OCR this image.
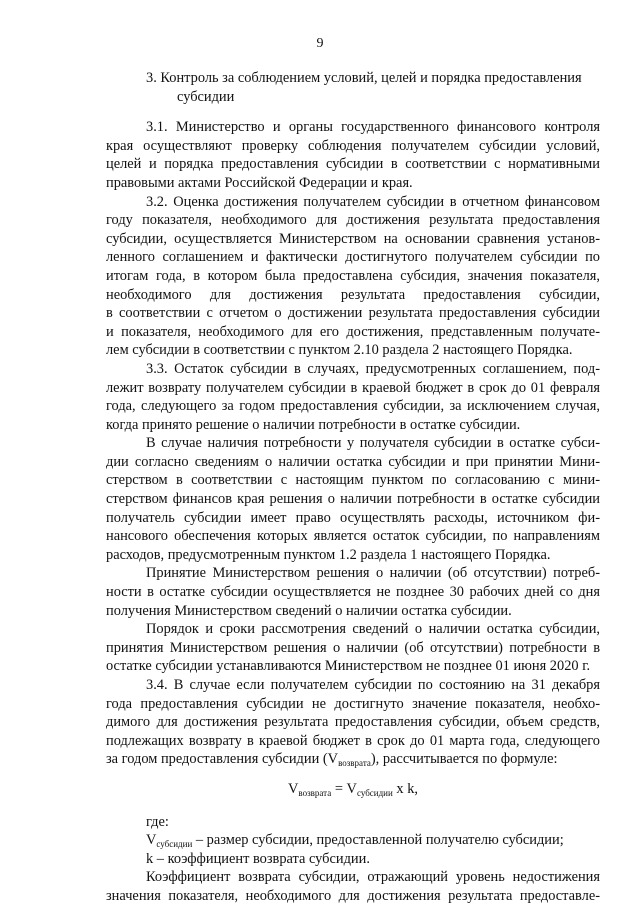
9
3. Контроль за соблюдением условий, целей и порядка предоставления
субсидии
3.1. Министерство и органы государственного финансового контроля
края осуществляют проверку соблюдения получателем субсидии условий,
целей и порядка предоставления субсидии в соответствии с нормативными
правовыми актами Российской Федерации и края.
3.2. Оценка достижения получателем субсидии в отчетном финансовом
году показателя, необходимого для достижения результата предоставления
субсидии, осуществляется Министерством на основании сравнения установ-
ленного соглашением и фактически достигнутого получателем субсидии по
итогам года, в котором была предоставлена субсидия, значения показателя,
необходимого для достижения результата предоставления субсидии,
в соответствии с отчетом о достижении результата предоставления субсидии
и показателя, необходимого для его достижения, представленным получате-
лем субсидии в соответствии с пунктом 2.10 раздела 2 настоящего Порядка.
3.3. Остаток субсидии в случаях, предусмотренных соглашением, под-
лежит возврату получателем субсидии в краевой бюджет в срок до 01 февраля
года, следующего за годом предоставления субсидии, за исключением случая,
когда принято решение о наличии потребности в остатке субсидии.
В случае наличия потребности у получателя субсидии в остатке субси-
дии согласно сведениям о наличии остатка субсидии и при принятии Мини-
стерством в соответствии с настоящим пунктом по согласованию с мини-
стерством финансов края решения о наличии потребности в остатке субсидии
получатель субсидии имеет право осуществлять расходы, источником фи-
нансового обеспечения которых является остаток субсидии, по направлениям
расходов, предусмотренным пунктом 1.2 раздела 1 настоящего Порядка.
Принятие Министерством решения о наличии (об отсутствии) потреб-
ности в остатке субсидии осуществляется не позднее 30 рабочих дней со дня
получения Министерством сведений о наличии остатка субсидии.
Порядок и сроки рассмотрения сведений о наличии остатка субсидии,
принятия Министерством решения о наличии (об отсутствии) потребности в
остатке субсидии устанавливаются Министерством не позднее 01 июня 2020 г.
3.4. В случае если получателем субсидии по состоянию на 31 декабря
года предоставления субсидии не достигнуто значение показателя, необхо-
димого для достижения результата предоставления субсидии, объем средств,
подлежащих возврату в краевой бюджет в срок до 01 марта года, следующего
за годом предоставления субсидии $(V_{возврата})$, рассчитывается по формуле:
$V_{возврата} = V_{субсидии}$ x k,
где:
$V_{субсидии}$ – размер субсидии, предоставленной получателю субсидии;
k – коэффициент возврата субсидии.
Коэффициент возврата субсидии, отражающий уровень недостижения
значения показателя, необходимого для достижения результата предоставле-
